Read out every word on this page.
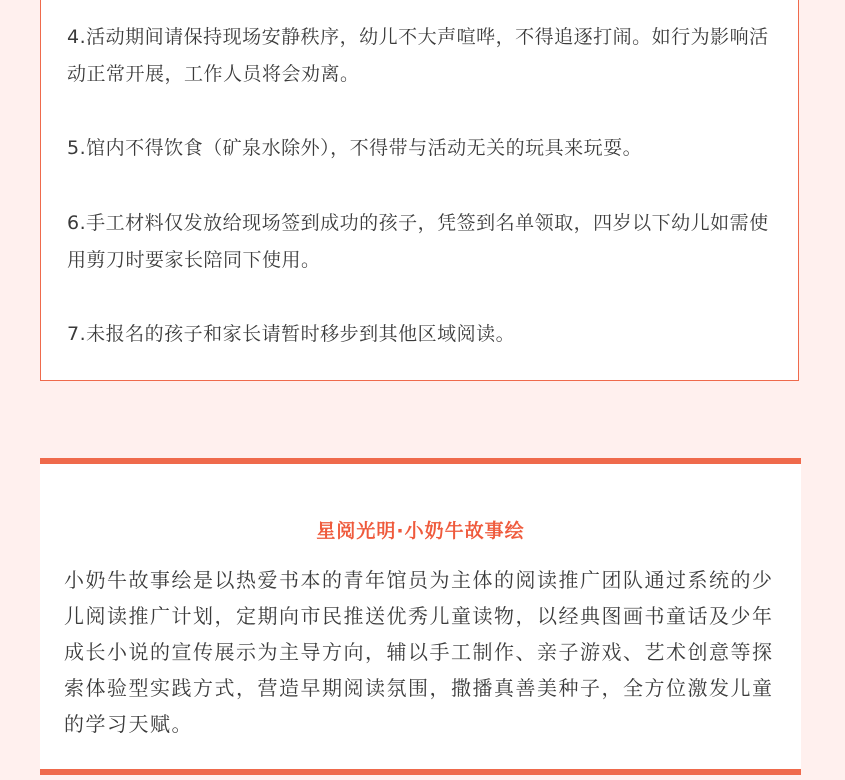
4.活动期间请保持现场安静秩序，幼儿不大声喧哗，不得追逐打闹。如行为影响活动正常开展，工作人员将会劝离。

5.馆内不得饮食（矿泉水除外），不得带与活动无关的玩具来玩耍。

6.手工材料仅发放给现场签到成功的孩子，凭签到名单领取，四岁以下幼儿如需使用剪刀时要家长陪同下使用。

7.未报名的孩子和家长请暂时移步到其他区域阅读。

星阅光明·小奶牛故事绘

小奶牛故事绘是以热爱书本的青年馆员为主体的阅读推广团队通过系统的少儿阅读推广计划，定期向市民推送优秀儿童读物，以经典图画书童话及少年成长小说的宣传展示为主导方向，辅以手工制作、亲子游戏、艺术创意等探索体验型实践方式，营造早期阅读氛围，撒播真善美种子，全方位激发儿童的学习天赋。
